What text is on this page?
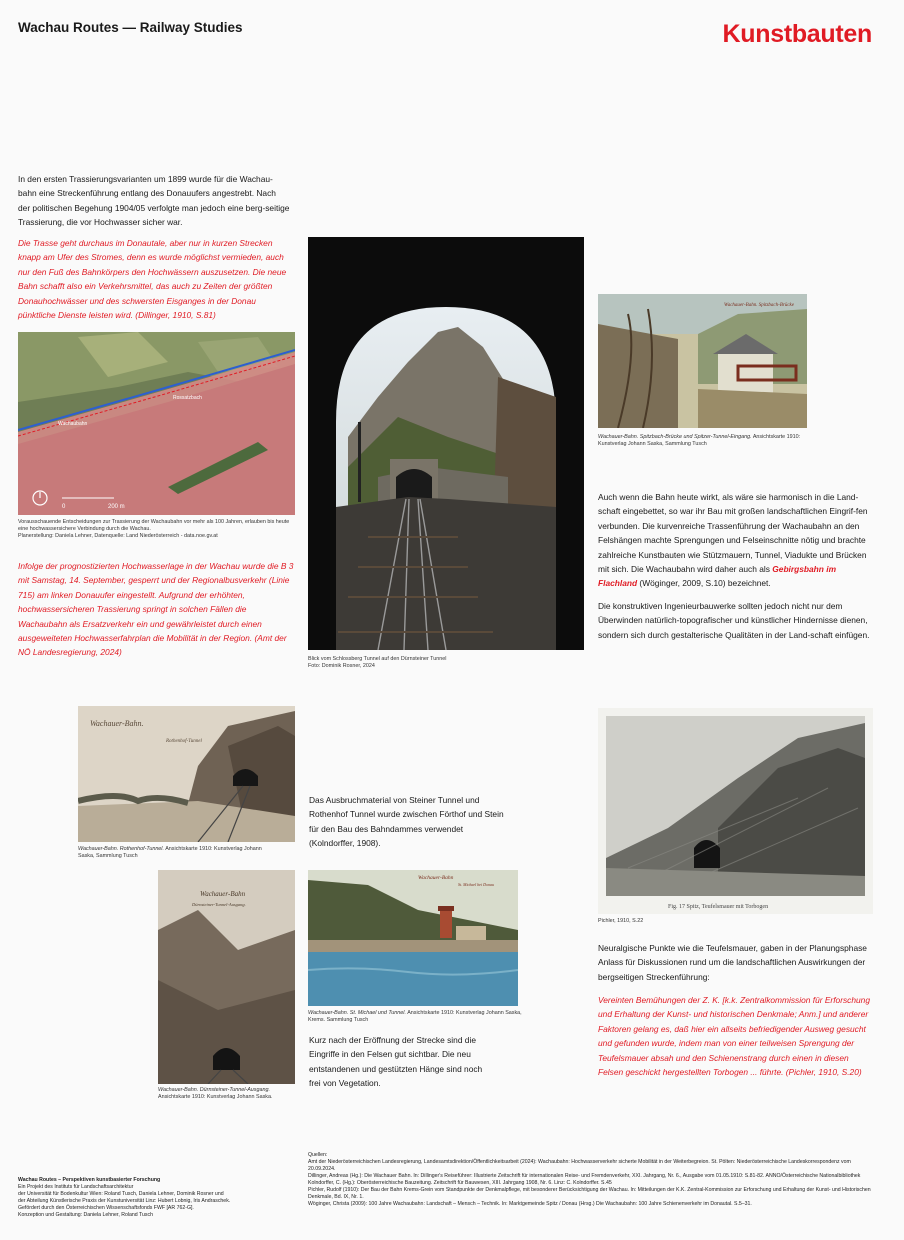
Wachau Routes — Railway Studies	Kunstbauten
In den ersten Trassierungsvarianten um 1899 wurde für die Wachau-bahn eine Streckenführung entlang des Donauufers angestrebt. Nach der politischen Begehung 1904/05 verfolgte man jedoch eine berg-seitige Trassierung, die vor Hochwasser sicher war.
Die Trasse geht durchaus im Donautale, aber nur in kurzen Strecken knapp am Ufer des Stromes, denn es wurde möglichst vermieden, auch nur den Fuß des Bahnkörpers den Hochwässern auszusetzen. Die neue Bahn schafft also ein Verkehrsmittel, das auch zu Zeiten der größten Donauhochwässer und des schwersten Eisganges in der Donau pünktliche Dienste leisten wird. (Dillinger, 1910, S.81)
0	200 m
Rossatzbach
Wachaubahn
Vorausschauende Entscheidungen zur Trassierung der Wachaubahn vor mehr als 100 Jahren, erlauben bis heute eine hochwassersichere Verbindung durch die Wachau.
Planerstellung: Daniela Lehner, Datenquelle: Land Niederösterreich - data.noe.gv.at
Infolge der prognostizierten Hochwasserlage in der Wachau wurde die B 3 mit Samstag, 14. September, gesperrt und der Regionalbusverkehr (Linie 715) am linken Donauufer eingestellt. Aufgrund der erhöhten, hochwassersicheren Trassierung springt in solchen Fällen die Wachaubahn als Ersatzverkehr ein und gewährleistet durch einen ausgeweiteten Hochwasserfahrplan die Mobilität in der Region. (Amt der NÖ Landesregierung, 2024)
Blick vom Schlossberg Tunnel auf den Dürnsteiner Tunnel
Foto: Dominik Rosner, 2024
Wachauer-Bahn. Spitzbach-Brücke
Wachauer-Bahn. Spitzbach-Brücke und Spitzer-Tunnel-Eingang. Ansichtskarte 1910: Kunstverlag Johann Saska, Sammlung Tusch
Auch wenn die Bahn heute wirkt, als wäre sie harmonisch in die Land-schaft eingebettet, so war ihr Bau mit großen landschaftlichen Eingrif-fen verbunden. Die kurvenreiche Trassenführung der Wachaubahn an den Felshängen machte Sprengungen und Felseinschnitte nötig und brachte zahlreiche Kunstbauten wie Stützmauern, Tunnel, Viadukte und Brücken mit sich. Die Wachaubahn wird daher auch als Gebirgsbahn im Flachland (Wöginger, 2009, S.10) bezeichnet.
Die konstruktiven Ingenieurbauwerke sollten jedoch nicht nur dem Überwinden natürlich-topografischer und künstlicher Hindernisse dienen, sondern sich durch gestalterische Qualitäten in der Land-schaft einfügen.
Wachauer-Bahn.
Rothenhof-Tunnel
Wachauer-Bahn. Rothenhof-Tunnel. Ansichtskarte 1910: Kunstverlag Johann Saska, Sammlung Tusch
Das Ausbruchmaterial von Steiner Tunnel und Rothenhof Tunnel wurde zwischen Förthof und Stein für den Bau des Bahndammes verwendet (Kolndorffer, 1908).
Wachauer-Bahn
Dürnsteiner-Tunnel-Ausgang.
Wachauer-Bahn. Dürnsteiner-Tunnel-Ausgang. Ansichtskarte 1910: Kunstverlag Johann Saska.
Wachauer-Bahn
St. Michael bei Donau
Wachauer-Bahn. St. Michael und Tunnel. Ansichtskarte 1910: Kunstverlag Johann Saska, Krems. Sammlung Tusch
Kurz nach der Eröffnung der Strecke sind die Eingriffe in den Felsen gut sichtbar. Die neu entstandenen und gestützten Hänge sind noch frei von Vegetation.
Fig. 17 Spitz, Teufelsmauer mit Torbogen
Pichler, 1910, S.22
Neuralgische Punkte wie die Teufelsmauer, gaben in der Planungsphase Anlass für Diskussionen rund um die landschaftlichen Auswirkungen der bergseitigen Streckenführung:
Vereinten Bemühungen der Z. K. [k.k. Zentralkommission für Erforschung und Erhaltung der Kunst- und historischen Denkmale; Anm.] und anderer Faktoren gelang es, daß hier ein allseits befriedigender Ausweg gesucht und gefunden wurde, indem man von einer teilweisen Sprengung der Teufelsmauer absah und den Schienenstrang durch einen in diesen Felsen geschickt hergestellten Torbogen ... führte. (Pichler, 1910, S.20)
Wachau Routes – Perspektiven kunstbasierter Forschung
Ein Projekt des Instituts für Landschaftsarchitektur
der Universität für Bodenkultur Wien: Roland Tusch, Daniela Lehner, Dominik Rosner und
der Abteilung Künstlerische Praxis der Kunstuniversität Linz: Hubert Lobnig, Iris Andraschek.
Gefördert durch den Österreichischen Wissenschaftsfonds FWF [AR 762-G].
Konzeption und Gestaltung: Daniela Lehner, Roland Tusch
Quellen:
Amt der Niederösterreichischen Landesregierung, Landesamtsdirektion/Öffentlichkeitsarbeit (2024): Wachaubahn: Hochwasserverkehr sicherte Mobilität in der Weiterbegreion. St. Pölten: Niederösterreichische Landeskorrespondenz vom 20.09.2024.
Dillinger, Andreas (Hg.): Die Wachauer Bahn. In: Dillinger's Reiseführer: Illustrierte Zeitschrift für internationalen Reise- und Fremdenverkehr, XXI. Jahrgang, Nr. 6., Ausgabe vom 01.05.1910: S.81-82. ANNO/Österreichische Nationalbibliothek
Kolndorffer, C. (Hg.): Oberösterreichische Bauzeitung. Zeitschrift für Bauwesen, XIII. Jahrgang 1908, Nr. 6. Linz: C. Kolndorffer. S.45
Pichler, Rudolf (1910): Der Bau der Bahn Krems-Grein vom Standpunkte der Denkmalpflege, mit besonderer Berücksichtigung der Wachau. In: Mitteilungen der K.K. Zentral-Kommission zur Erforschung und Erhaltung der Kunst- und Historischen Denkmale, Bd. IX, Nr. 1.
Wöginger, Christa (2009): 100 Jahre Wachaubahn: Landschaft – Mensch – Technik. In: Marktgemeinde Spitz / Donau (Hrsg.) Die Wachaubahn: 100 Jahre Schienenverkehr im Donautal. S.5–31.
